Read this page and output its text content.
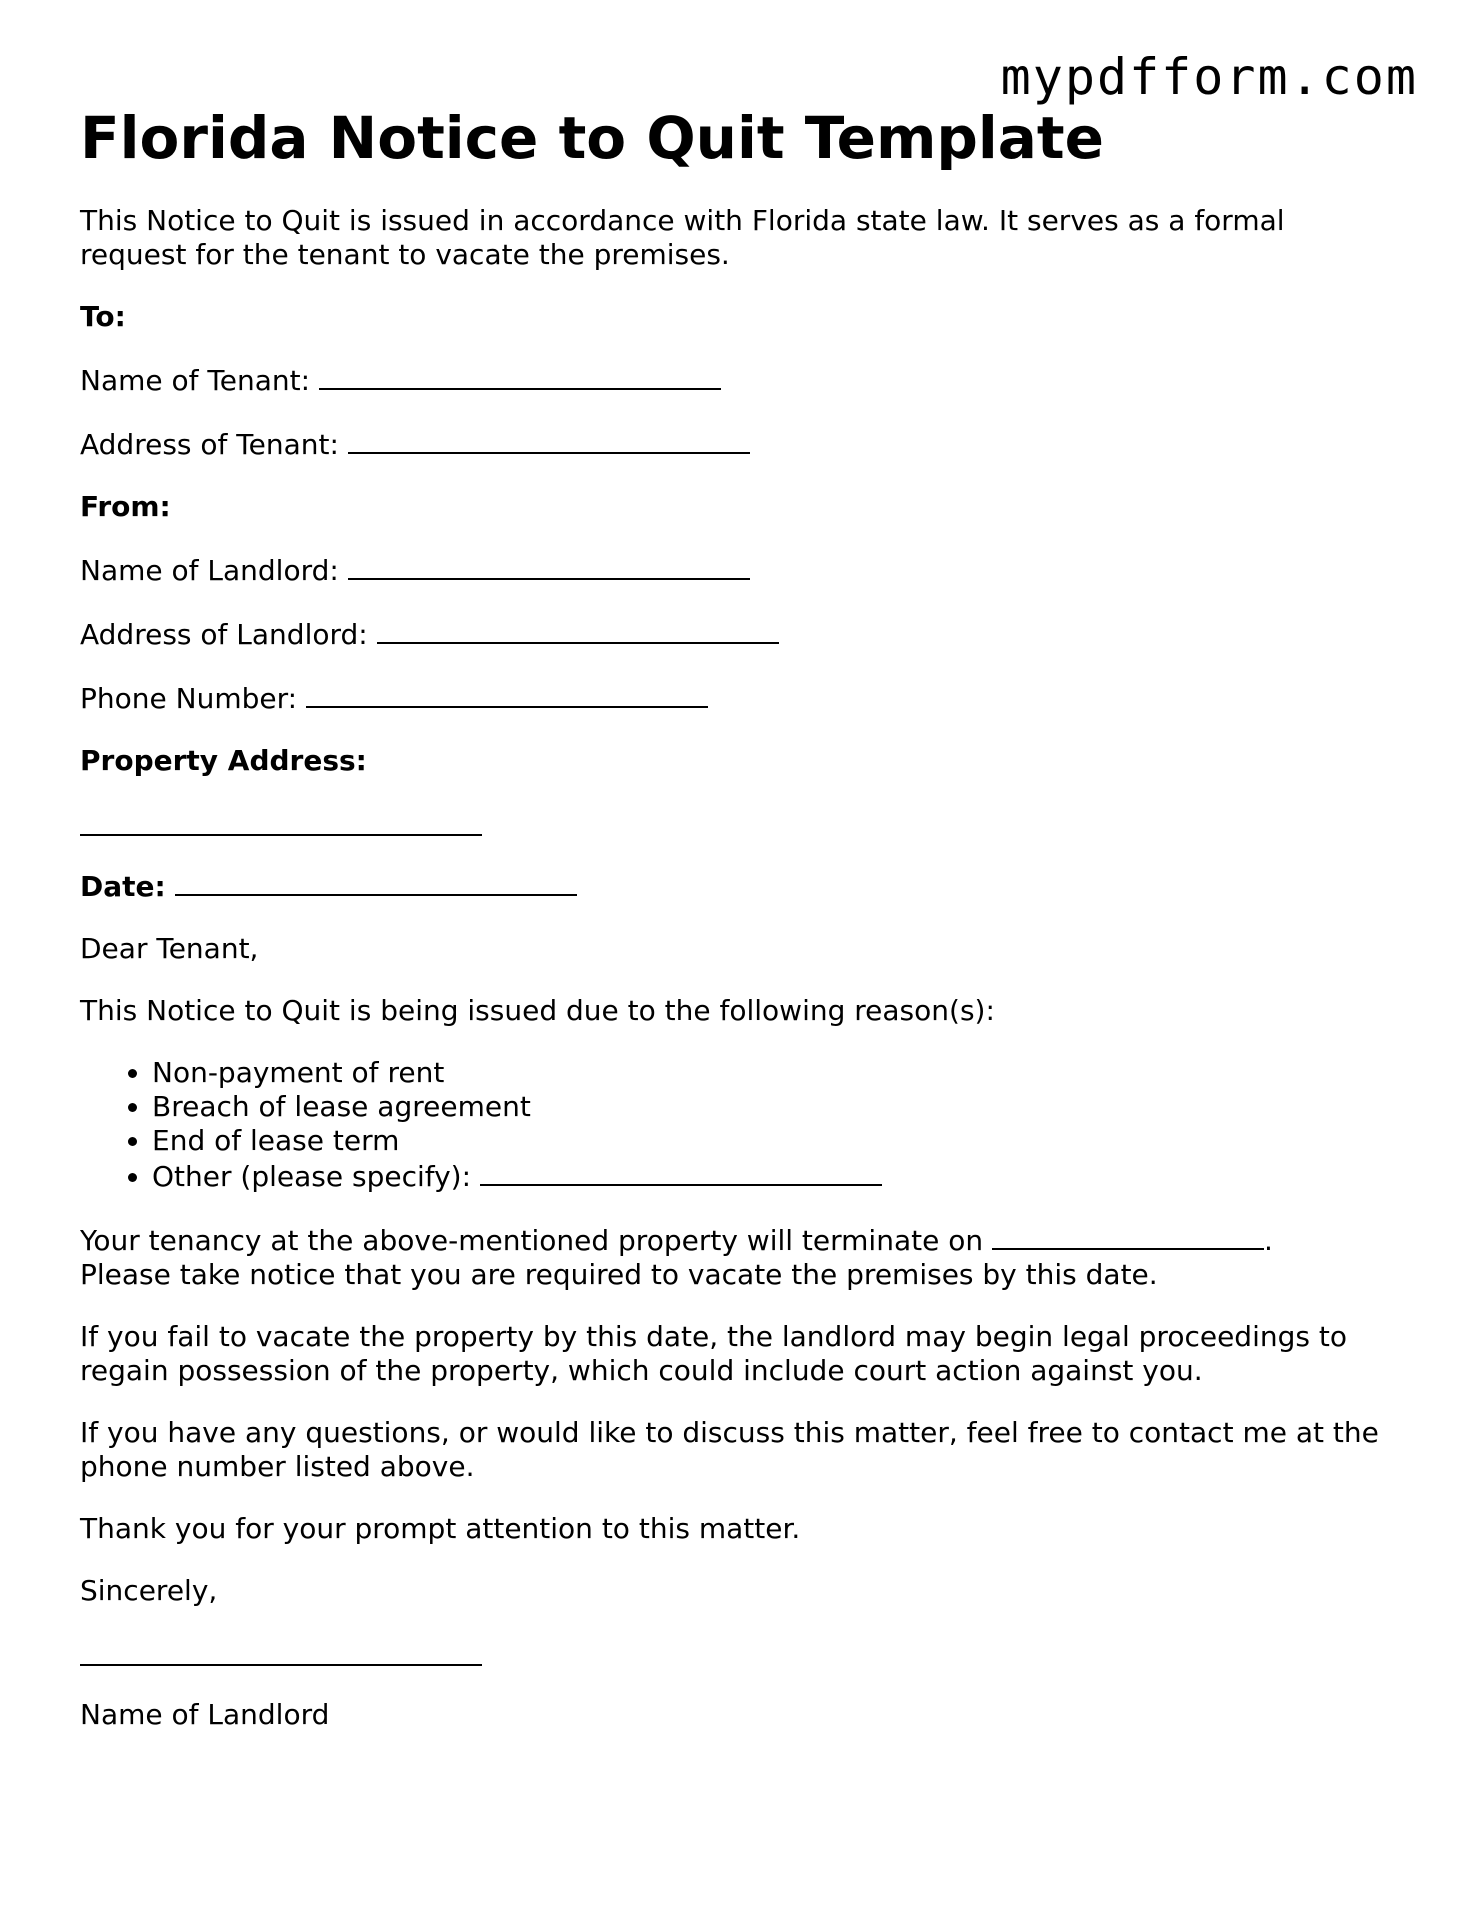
mypdfform.com
Florida Notice to Quit Template

This Notice to Quit is issued in accordance with Florida state law. It serves as a formal request for the tenant to vacate the premises.

To:

Name of Tenant:

Address of Tenant:

From:

Name of Landlord:

Address of Landlord:

Phone Number:

Property Address:

Date:

Dear Tenant,

This Notice to Quit is being issued due to the following reason(s):

• Non-payment of rent
• Breach of lease agreement
• End of lease term
• Other (please specify):

Your tenancy at the above-mentioned property will terminate on	.

Please take notice that you are required to vacate the premises by this date.

If you fail to vacate the property by this date, the landlord may begin legal proceedings to regain possession of the property, which could include court action against you.

If you have any questions, or would like to discuss this matter, feel free to contact me at the phone number listed above.

Thank you for your prompt attention to this matter.

Sincerely,

Name of Landlord
